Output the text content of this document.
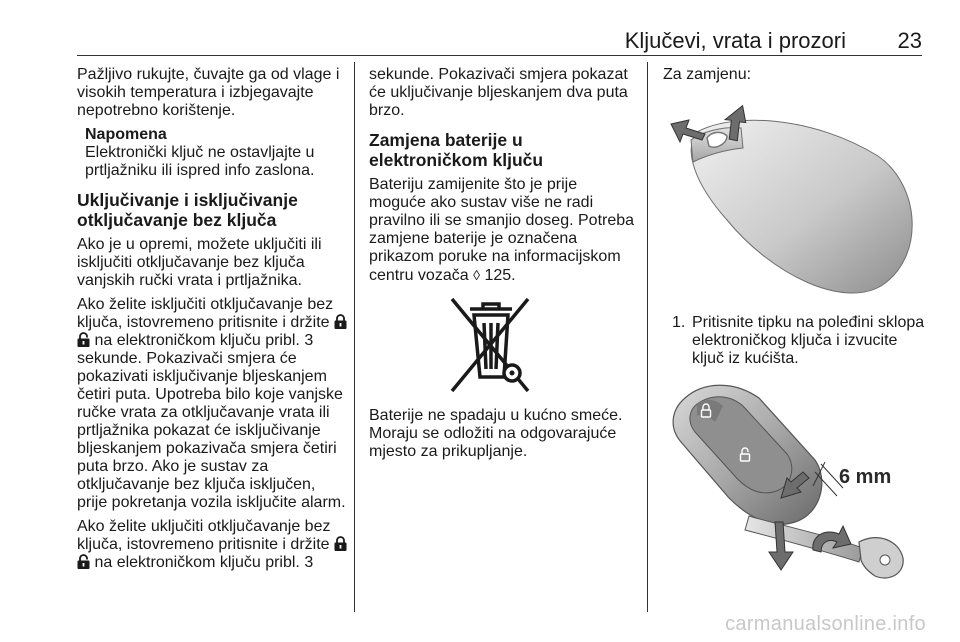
Ključevi, vrata i prozori 23

Pažljivo rukujte, čuvajte ga od vlage i visokih temperatura i izbjegavajte nepotrebno korištenje.

Napomena

Elektronički ključ ne ostavljajte u prtljažniku ili ispred info zaslona.

Uključivanje i isključivanje otključavanje bez ključa

Ako je u opremi, možete uključiti ili isključiti otključavanje bez ključa vanjskih ručki vrata i prtljažnika.

Ako želite isključiti otključavanje bez ključa, istovremeno pritisnite i držite   na elektroničkom ključu pribl. 3 sekunde. Pokazivači smjera će pokazivati isključivanje bljeskanjem četiri puta. Upotreba bilo koje vanjske ručke vrata za otključavanje vrata ili prtljažnika pokazat će isključivanje bljeskanjem pokazivača smjera četiri puta brzo. Ako je sustav za otključavanje bez ključa isključen, prije pokretanja vozila isključite alarm.

Ako želite uključiti otključavanje bez ključa, istovremeno pritisnite i držite   na elektroničkom ključu pribl. 3

sekunde. Pokazivači smjera pokazat će uključivanje bljeskanjem dva puta brzo.

Zamjena baterije u elektroničkom ključu

Bateriju zamijenite što je prije moguće ako sustav više ne radi pravilno ili se smanjio doseg. Potreba zamjene baterije je označena prikazom poruke na informacijskom centru vozača ◊ 125.

Baterije ne spadaju u kućno smeće. Moraju se odložiti na odgovarajuće mjesto za prikupljanje.

Za zamjenu:

1. Pritisnite tipku na poleđini sklopa elektroničkog ključa i izvucite ključ iz kućišta.
6 mm
carmanualsonline.info
